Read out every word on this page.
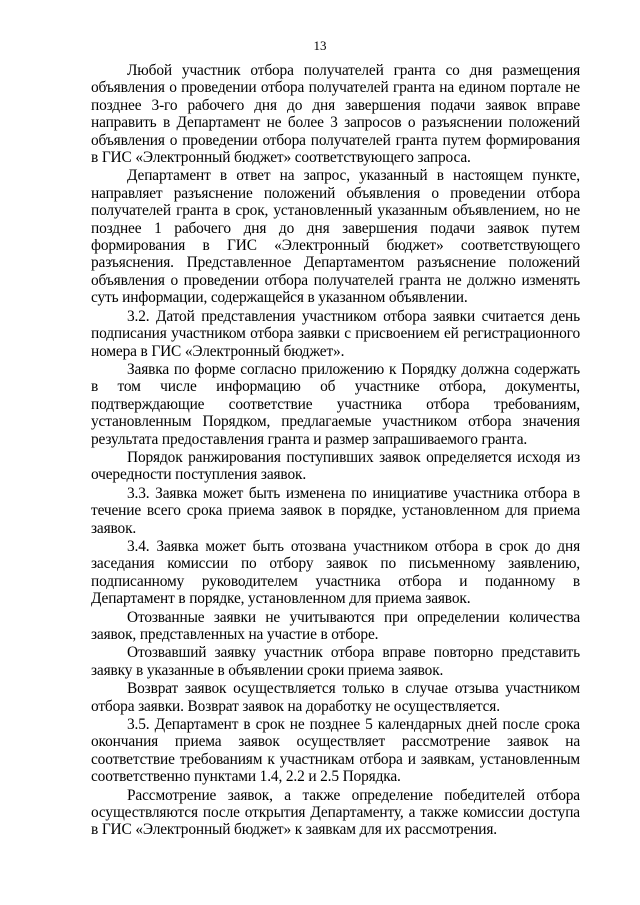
13

Любой участник отбора получателей гранта со дня размещения объявления о проведении отбора получателей гранта на едином портале не позднее 3-го рабочего дня до дня завершения подачи заявок вправе направить в Департамент не более 3 запросов о разъяснении положений объявления о проведении отбора получателей гранта путем формирования в ГИС «Электронный бюджет» соответствующего запроса.

Департамент в ответ на запрос, указанный в настоящем пункте, направляет разъяснение положений объявления о проведении отбора получателей гранта в срок, установленный указанным объявлением, но не позднее 1 рабочего дня до дня завершения подачи заявок путем формирования в ГИС «Электронный бюджет» соответствующего разъяснения. Представленное Департаментом разъяснение положений объявления о проведении отбора получателей гранта не должно изменять суть информации, содержащейся в указанном объявлении.

3.2. Датой представления участником отбора заявки считается день подписания участником отбора заявки с присвоением ей регистрационного номера в ГИС «Электронный бюджет».

Заявка по форме согласно приложению к Порядку должна содержать в том числе информацию об участнике отбора, документы, подтверждающие соответствие участника отбора требованиям, установленным Порядком, предлагаемые участником отбора значения результата предоставления гранта и размер запрашиваемого гранта.

Порядок ранжирования поступивших заявок определяется исходя из очередности поступления заявок.

3.3. Заявка может быть изменена по инициативе участника отбора в течение всего срока приема заявок в порядке, установленном для приема заявок.

3.4. Заявка может быть отозвана участником отбора в срок до дня заседания комиссии по отбору заявок по письменному заявлению, подписанному руководителем участника отбора и поданному в Департамент в порядке, установленном для приема заявок.

Отозванные заявки не учитываются при определении количества заявок, представленных на участие в отборе.

Отозвавший заявку участник отбора вправе повторно представить заявку в указанные в объявлении сроки приема заявок.

Возврат заявок осуществляется только в случае отзыва участником отбора заявки. Возврат заявок на доработку не осуществляется.

3.5. Департамент в срок не позднее 5 календарных дней после срока окончания приема заявок осуществляет рассмотрение заявок на соответствие требованиям к участникам отбора и заявкам, установленным соответственно пунктами 1.4, 2.2 и 2.5 Порядка.

Рассмотрение заявок, а также определение победителей отбора осуществляются после открытия Департаменту, а также комиссии доступа в ГИС «Электронный бюджет» к заявкам для их рассмотрения.
